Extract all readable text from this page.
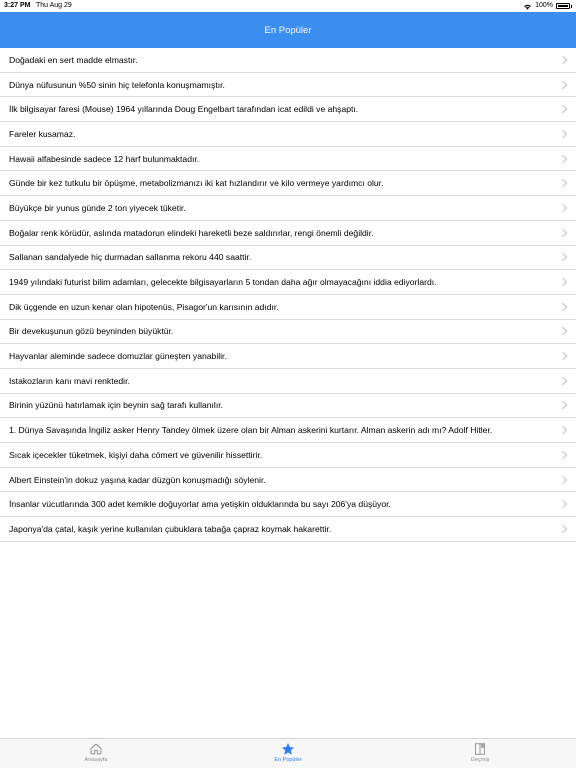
3:27 PM Thu Aug 29	100%
En Popüler
Doğadaki en sert madde elmastır.
Dünya nüfusunun %50 sinin hiç telefonla konuşmamıştır.
İlk bilgisayar faresi (Mouse) 1964 yıllarında Doug Engelbart tarafından icat edildi ve ahşaptı.
Fareler kusamaz.
Hawaii alfabesinde sadece 12 harf bulunmaktadır.
Günde bir kez tutkulu bir öpüşme, metabolizmanızı iki kat hızlandırır ve kilo vermeye yardımcı olur.
Büyükçe bir yunus günde 2 ton yiyecek tüketir.
Boğalar renk körüdür, aslında matadorun elindeki hareketli beze saldırırlar, rengi önemli değildir.
Sallanan sandalyede hiç durmadan sallanma rekoru 440 saattir.
1949 yılındaki futurist bilim adamları, gelecekte bilgisayarların 5 tondan daha ağır olmayacağını iddia ediyorlardı.
Dik üçgende en uzun kenar olan hipotenüs, Pisagor'un karısının adıdır.
Bir devekuşunun gözü beyninden büyüktür.
Hayvanlar aleminde sadece domuzlar güneşten yanabilir.
Istakozların kanı mavi renktedir.
Birinin yüzünü hatırlamak için beynin sağ tarafı kullanılır.
1. Dünya Savaşında İngiliz asker Henry Tandey ölmek üzere olan bir Alman askerini kurtarır. Alman askerin adı mı? Adolf Hitler.
Sıcak içecekler tüketmek, kişiyi daha cömert ve güvenilir hissettirir.
Albert Einstein'in dokuz yaşına kadar düzgün konuşmadığı söylenir.
İnsanlar vücutlarında 300 adet kemikle doğuyorlar ama yetişkin olduklarında bu sayı 206'ya düşüyor.
Japonya'da çatal, kaşık yerine kullanılan çubuklara tabağa çapraz koymak hakarettir.
Anasayfa	En Popüler	Geçmiş
